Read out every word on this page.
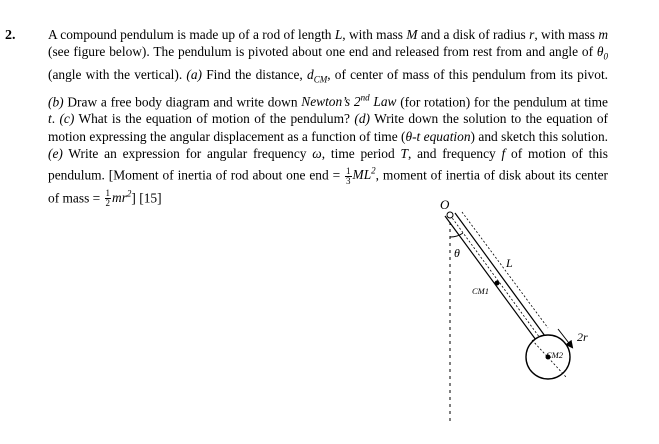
2. A compound pendulum is made up of a rod of length L, with mass M and a disk of radius r, with mass m (see figure below). The pendulum is pivoted about one end and released from rest from and angle of $\theta_0$ (angle with the vertical). (a) Find the distance, $d_{CM}$, of center of mass of this pendulum from its pivot. (b) Draw a free body diagram and write down Newton’s 2nd Law (for rotation) for the pendulum at time t. (c) What is the equation of motion of the pendulum? (d) Write down the solution to the equation of motion expressing the angular displacement as a function of time (θ-t equation) and sketch this solution. (e) Write an expression for angular frequency ω, time period T, and frequency f of motion of this pendulum. [Moment of inertia of rod about one end = $\frac{1}{3} ML^2$, moment of inertia of disk about its center of mass = $\frac{1}{2} mr^2$] [15]	O
θ
L
CM1
CM2
2r
